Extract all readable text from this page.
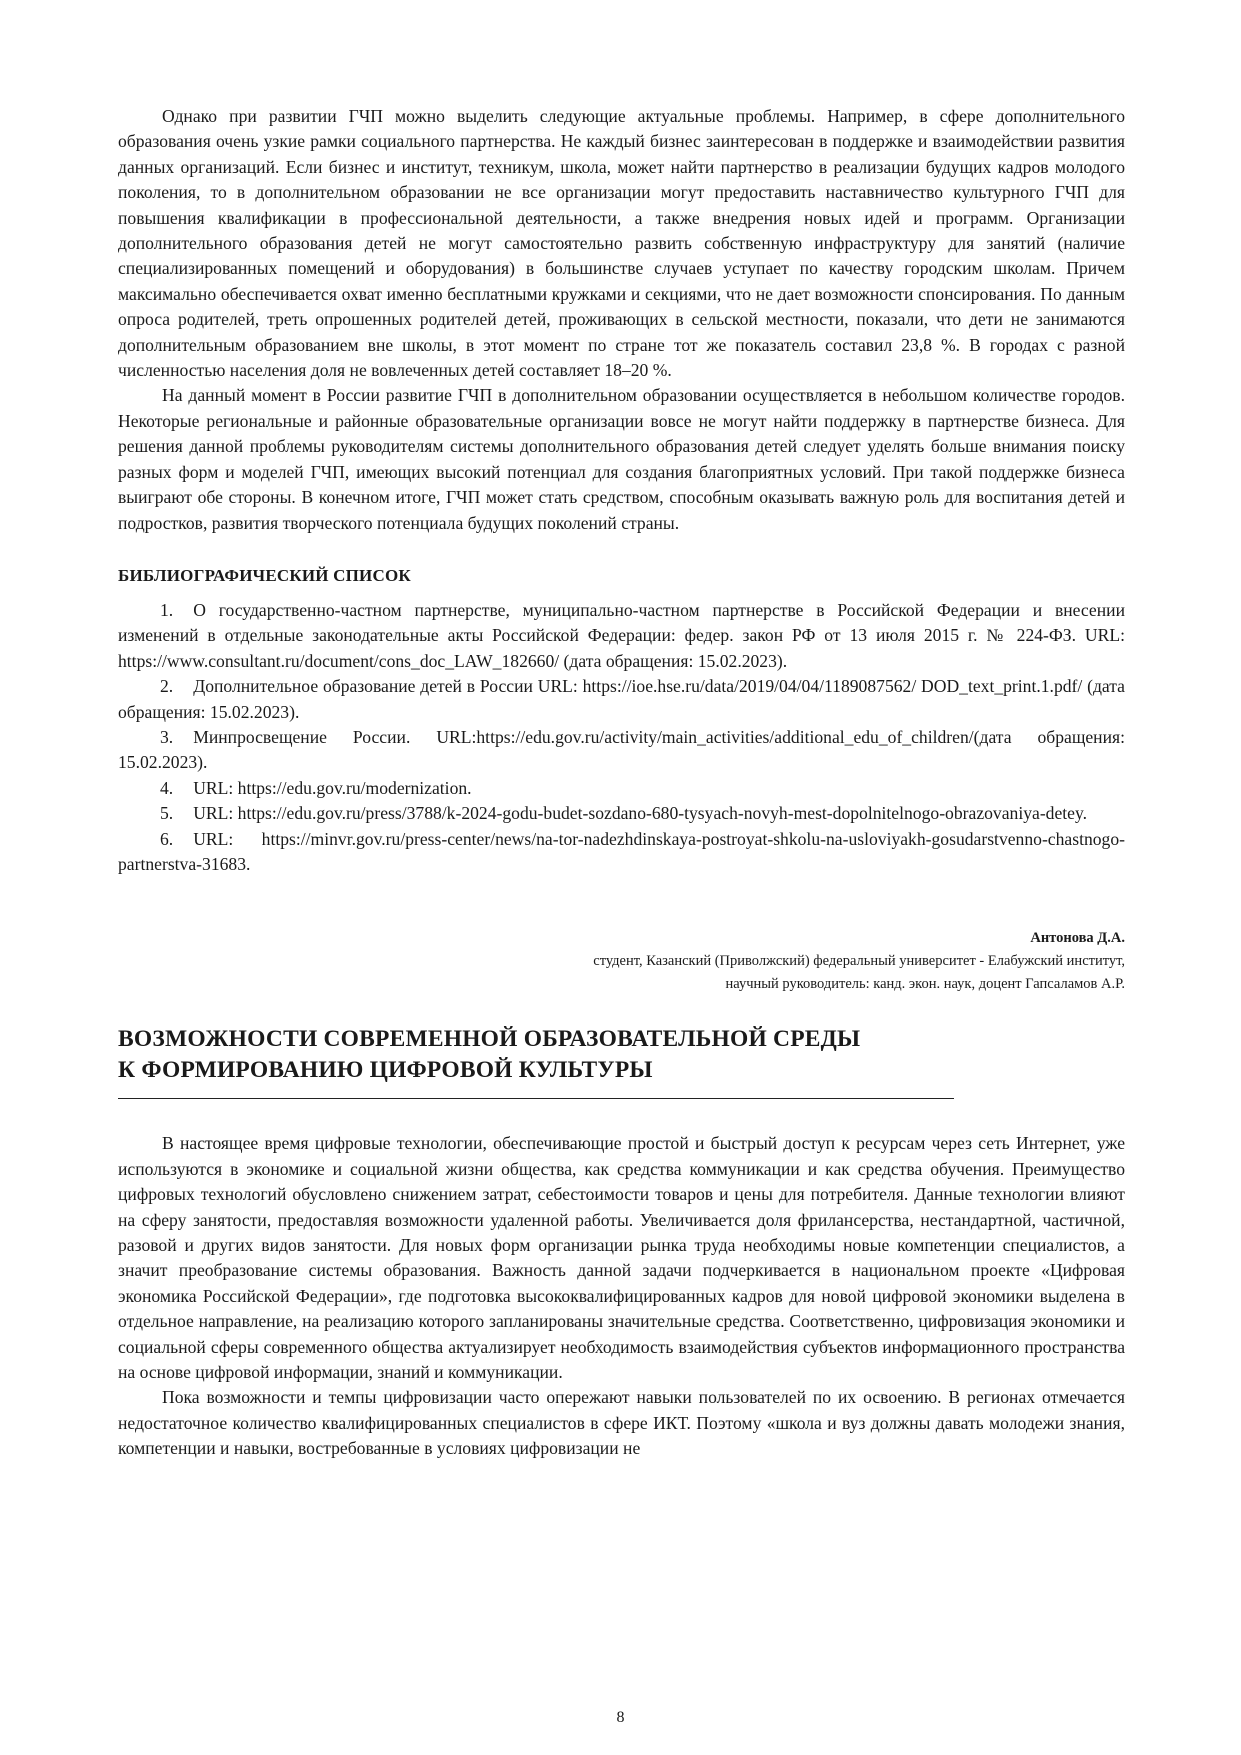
Однако при развитии ГЧП можно выделить следующие актуальные проблемы. Например, в сфере дополнительного образования очень узкие рамки социального партнерства. Не каждый бизнес заинтересован в поддержке и взаимодействии развития данных организаций. Если бизнес и институт, техникум, школа, может найти партнерство в реализации будущих кадров молодого поколения, то в дополнительном образовании не все организации могут предоставить наставничество культурного ГЧП для повышения квалификации в профессиональной деятельности, а также внедрения новых идей и программ. Организации дополнительного образования детей не могут самостоятельно развить собственную инфраструктуру для занятий (наличие специализированных помещений и оборудования) в большинстве случаев уступает по качеству городским школам. Причем максимально обеспечивается охват именно бесплатными кружками и секциями, что не дает возможности спонсирования. По данным опроса родителей, треть опрошенных родителей детей, проживающих в сельской местности, показали, что дети не занимаются дополнительным образованием вне школы, в этот момент по стране тот же показатель составил 23,8 %. В городах с разной численностью населения доля не вовлеченных детей составляет 18–20 %.

На данный момент в России развитие ГЧП в дополнительном образовании осуществляется в небольшом количестве городов. Некоторые региональные и районные образовательные организации вовсе не могут найти поддержку в партнерстве бизнеса. Для решения данной проблемы руководителям системы дополнительного образования детей следует уделять больше внимания поиску разных форм и моделей ГЧП, имеющих высокий потенциал для создания благоприятных условий. При такой поддержке бизнеса выиграют обе стороны. В конечном итоге, ГЧП может стать средством, способным оказывать важную роль для воспитания детей и подростков, развития творческого потенциала будущих поколений страны.

БИБЛИОГРАФИЧЕСКИЙ СПИСОК

1. О государственно-частном партнерстве, муниципально-частном партнерстве в Российской Федерации и внесении изменений в отдельные законодательные акты Российской Федерации: федер. закон РФ от 13 июля 2015 г. № 224-ФЗ. URL: https://www.consultant.ru/document/cons_doc_LAW_182660/ (дата обращения: 15.02.2023).

2. Дополнительное образование детей в России URL: https://ioe.hse.ru/data/2019/04/04/1189087562/ DOD_text_print.1.pdf/ (дата обращения: 15.02.2023).

3. Минпросвещение России. URL:https://edu.gov.ru/activity/main_activities/additional_edu_of_children/(дата обращения: 15.02.2023).

4. URL: https://edu.gov.ru/modernization.

5. URL: https://edu.gov.ru/press/3788/k-2024-godu-budet-sozdano-680-tysyach-novyh-mest-dopolnitelnogo-obrazovaniya-detey.

6. URL: https://minvr.gov.ru/press-center/news/na-tor-nadezhdinskaya-postroyat-shkolu-na-usloviyakh-gosudarstvenno-chastnogo-partnerstva-31683.

Антонова Д.А.
студент, Казанский (Приволжский) федеральный университет - Елабужский институт,
научный руководитель: канд. экон. наук, доцент Гапсаламов А.Р.
ВОЗМОЖНОСТИ СОВРЕМЕННОЙ ОБРАЗОВАТЕЛЬНОЙ СРЕДЫ
К ФОРМИРОВАНИЮ ЦИФРОВОЙ КУЛЬТУРЫ

В настоящее время цифровые технологии, обеспечивающие простой и быстрый доступ к ресурсам через сеть Интернет, уже используются в экономике и социальной жизни общества, как средства коммуникации и как средства обучения. Преимущество цифровых технологий обусловлено снижением затрат, себестоимости товаров и цены для потребителя. Данные технологии влияют на сферу занятости, предоставляя возможности удаленной работы. Увеличивается доля фрилансерства, нестандартной, частичной, разовой и других видов занятости. Для новых форм организации рынка труда необходимы новые компетенции специалистов, а значит преобразование системы образования. Важность данной задачи подчеркивается в национальном проекте «Цифровая экономика Российской Федерации», где подготовка высококвалифицированных кадров для новой цифровой экономики выделена в отдельное направление, на реализацию которого запланированы значительные средства. Соответственно, цифровизация экономики и социальной сферы современного общества актуализирует необходимость взаимодействия субъектов информационного пространства на основе цифровой информации, знаний и коммуникации.

Пока возможности и темпы цифровизации часто опережают навыки пользователей по их освоению. В регионах отмечается недостаточное количество квалифицированных специалистов в сфере ИКТ. Поэтому «школа и вуз должны давать молодежи знания, компетенции и навыки, востребованные в условиях цифровизации не

8
